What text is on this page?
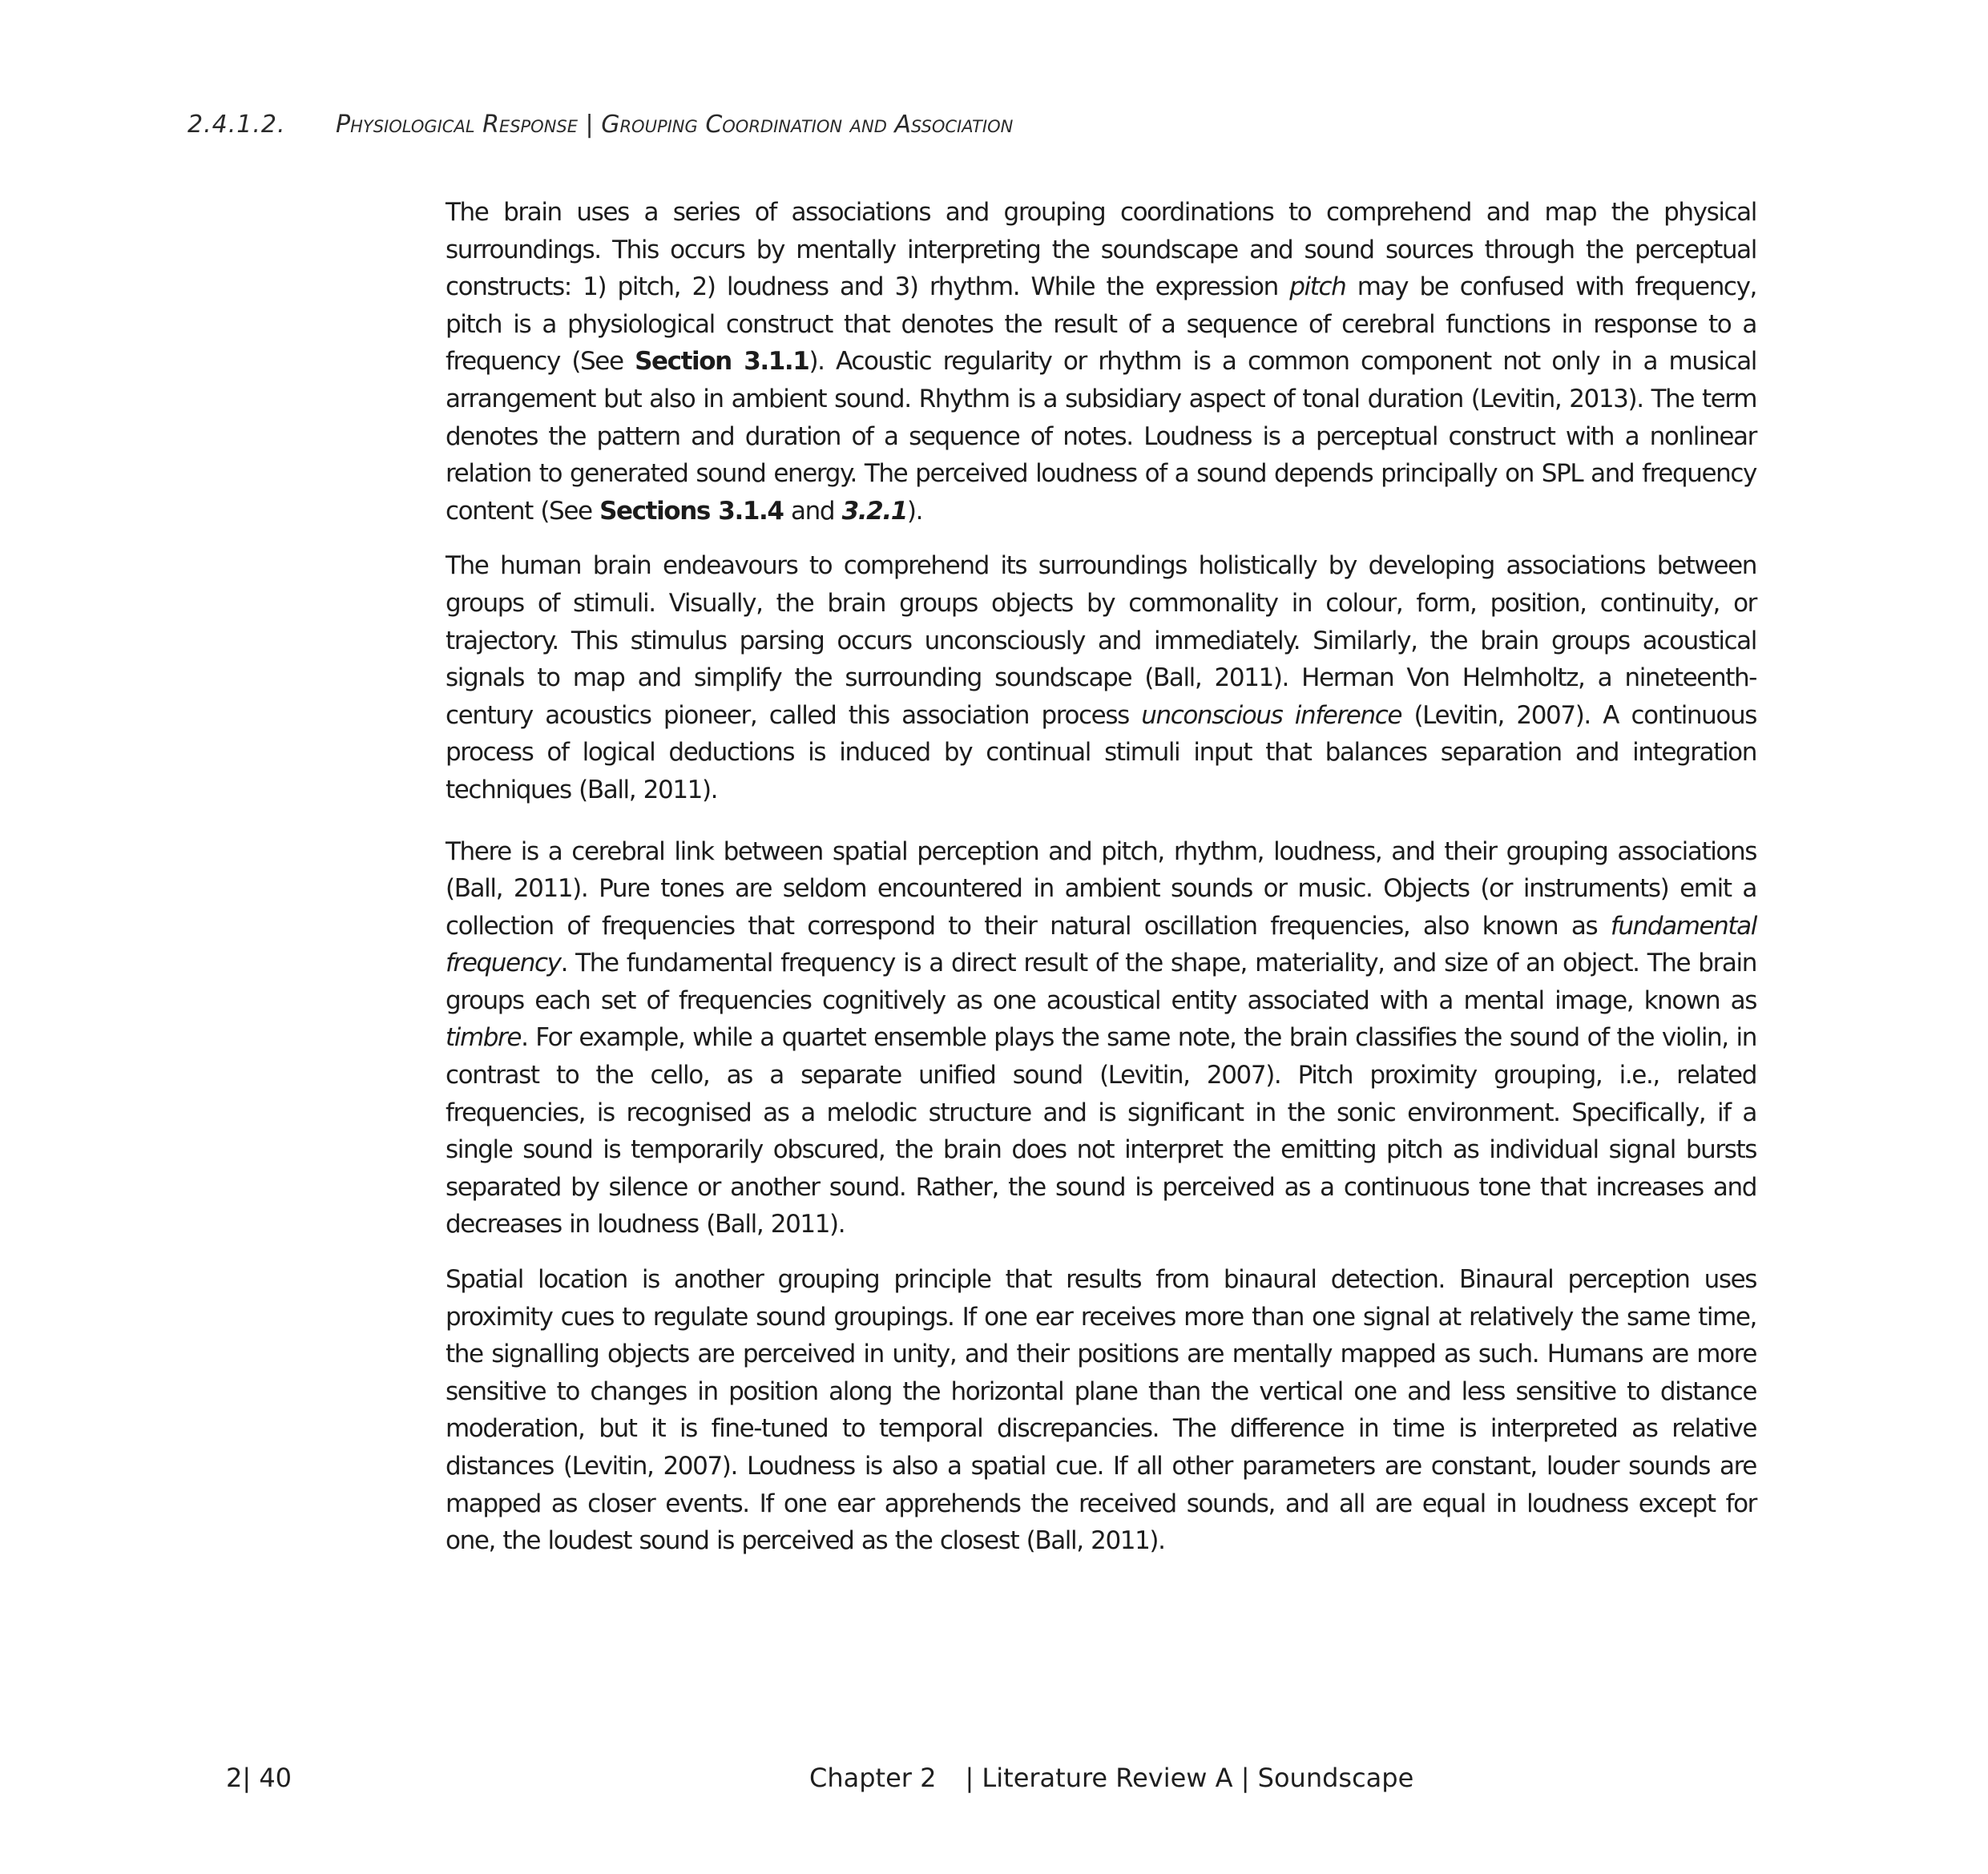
2.4.1.2. Physiological Response | Grouping Coordination and Association

The brain uses a series of associations and grouping coordinations to comprehend and map the physical surroundings. This occurs by mentally interpreting the soundscape and sound sources through the perceptual constructs: 1) pitch, 2) loudness and 3) rhythm. While the expression pitch may be confused with frequency, pitch is a physiological construct that denotes the result of a sequence of cerebral functions in response to a frequency (See Section 3.1.1). Acoustic regularity or rhythm is a common component not only in a musical arrangement but also in ambient sound. Rhythm is a subsidiary aspect of tonal duration (Levitin, 2013). The term denotes the pattern and duration of a sequence of notes. Loudness is a perceptual construct with a nonlinear relation to generated sound energy. The perceived loudness of a sound depends principally on SPL and frequency content (See Sections 3.1.4 and 3.2.1).

The human brain endeavours to comprehend its surroundings holistically by developing associations between groups of stimuli. Visually, the brain groups objects by commonality in colour, form, position, continuity, or trajectory. This stimulus parsing occurs unconsciously and immediately. Similarly, the brain groups acoustical signals to map and simplify the surrounding soundscape (Ball, 2011). Herman Von Helmholtz, a nineteenth-century acoustics pioneer, called this association process unconscious inference (Levitin, 2007). A continuous process of logical deductions is induced by continual stimuli input that balances separation and integration techniques (Ball, 2011).

There is a cerebral link between spatial perception and pitch, rhythm, loudness, and their grouping associations (Ball, 2011). Pure tones are seldom encountered in ambient sounds or music. Objects (or instruments) emit a collection of frequencies that correspond to their natural oscillation frequencies, also known as fundamental frequency. The fundamental frequency is a direct result of the shape, materiality, and size of an object. The brain groups each set of frequencies cognitively as one acoustical entity associated with a mental image, known as timbre. For example, while a quartet ensemble plays the same note, the brain classifies the sound of the violin, in contrast to the cello, as a separate unified sound (Levitin, 2007). Pitch proximity grouping, i.e., related frequencies, is recognised as a melodic structure and is significant in the sonic environment. Specifically, if a single sound is temporarily obscured, the brain does not interpret the emitting pitch as individual signal bursts separated by silence or another sound. Rather, the sound is perceived as a continuous tone that increases and decreases in loudness (Ball, 2011).

Spatial location is another grouping principle that results from binaural detection. Binaural perception uses proximity cues to regulate sound groupings. If one ear receives more than one signal at relatively the same time, the signalling objects are perceived in unity, and their positions are mentally mapped as such. Humans are more sensitive to changes in position along the horizontal plane than the vertical one and less sensitive to distance moderation, but it is fine-tuned to temporal discrepancies. The difference in time is interpreted as relative distances (Levitin, 2007). Loudness is also a spatial cue. If all other parameters are constant, louder sounds are mapped as closer events. If one ear apprehends the received sounds, and all are equal in loudness except for one, the loudest sound is perceived as the closest (Ball, 2011).

2| 40	Chapter 2 | Literature Review A | Soundscape
